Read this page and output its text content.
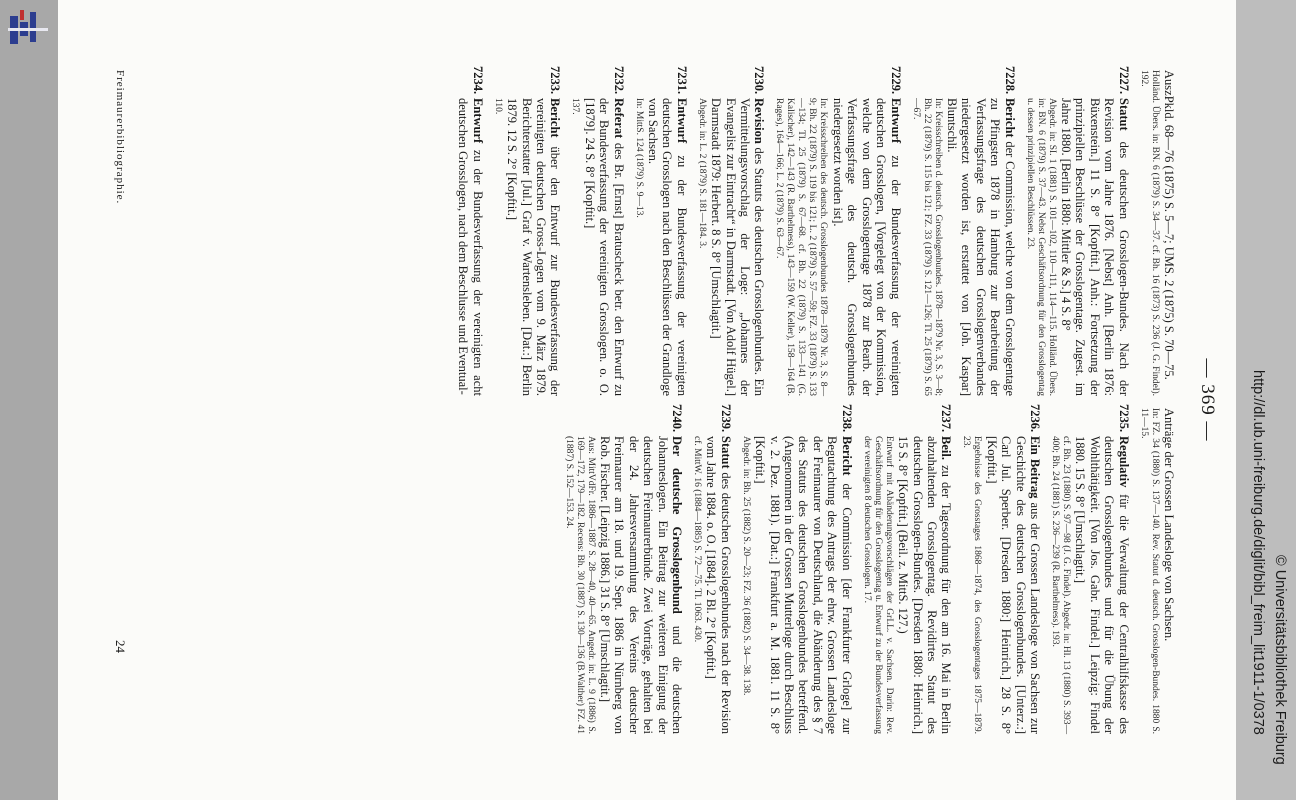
— 369 —
AuszPkld. 68—76 (1875) S. 5—7; UMS. 2 (1875) S. 70—75.
Holländ. Übers. in: BN. 6 (1879) S. 34—37. cf. Bh. 16 (1873) S. 236 (J. G. Findel). 192.
7227.
Statut des deutschen Grosslogen-Bundes. Nach der Revision vom Jahre 1876. [Nebst] Anh. [Berlin 1876: Büxenstein.] 11 S. 8° [Kopftit.] Anh.: Fortsetzung der prinzipiellen Beschlüsse der Grosslogentage. Zugest. im Jahre 1880. [Berlin 1880: Mittler & S.] 4 S. 8°
Abgedr. in: SI. 1 (1881) S. 101—102, 110—111, 114—115. Holländ. Übers. in: BN. 6 (1879) S. 37—43. Nebst Geschäftsordnung für den Grosslogentag u. dessen prinzipiellen Beschlüssen. 23.
7228.
Bericht der Commission, welche von dem Grosslogentage zu Pfingsten 1878 in Hamburg zur Bearbeitung der Verfassungsfrage des deutschen Grosslogenverbandes niedergesetzt worden ist, erstattet von [Joh. Kaspar] Bluntschli.
In: Kreisschreiben d. deutsch. Grosslogenbundes. 1878—1879 Nr. 3, S. 3—8; Bh. 22 (1879) S. 115 bis 121; FZ. 33 (1879) S. 121—126; Tl. 25 (1879) S. 65—67.
7229.
Entwurf zu der Bundesverfassung der vereinigten deutschen Grosslogen, [Vorgelegt von der Kommission, welche von dem Grosslogentage 1878 zur Bearb. der Verfassungsfrage des deutsch. Grosslogenbundes niedergesetzt worden ist].
In: Kreisschreiben des deutsch. Grosslogenbundes 1878—1879 Nr. 3, S. 8—9; Bh. 22 (1879) S. 119 bis 121; L. 2 (1879) S. 57—59; FZ. 33 (1879) S. 133—134; Tl. 25 (1879) S. 67—68. cf. Bh. 22 (1879) S. 133—141 (G. Kalischer), 142—143 (R. Barthelmess), 143—159 (W. Keller), 158—164 (B. Rages), 164—166; L. 2 (1879) S. 63—67.
7230.
Revision des Statuts des deutschen Grosslogenbundes. Ein Vermittelungsvorschlag der Loge: „Johannes der Evangelist zur Eintracht“ in Darmstadt. [Von Adolf Hügel.] Darmstadt 1879: Herbert. 8 S. 8° [Umschlagtit.]
Abgedr. in: L. 2 (1879) S. 181—184. 3.
7231.
Entwurf zu der Bundesverfassung der vereinigten deutschen Grosslogen nach den Beschlüssen der Grandloge von Sachsen.
In: MittS. 124 (1879) S. 9—13.
7232.
Referat des Br. [Ernst] Bratuscheck betr. den Entwurf zu der Bundesverfassung der vereinigten Grosslogen. o. O. [1879]. 24 S. 8° [Kopftit.]
137.
7233.
Bericht über den Entwurf zur Bundesverfassung der vereinigten deutschen Gross-Logen vom 9. März 1879. Berichterstatter [Jul.] Graf v. Wartensleben. [Dat.:] Berlin 1879. 12 S. 2° [Kopftit.]
110.
7234.
Entwurf zu der Bundesverfassung der vereinigten acht deutschen Grosslogen, nach dem Beschlusse und Eventual-
Anträge der Grossen Landesloge von Sachsen.
In: FZ. 34 (1880) S. 137—140. Rev. Statut d. deutsch. Grosslogen-Bundes. 1880 S. 11—15.
7235.
Regulativ für die Verwaltung der Centralhilfskasse des deutschen Grosslogenbundes und für die Übung der Wohlthätigkeit. [Von Jos. Gabr. Findel.] Leipzig: Findel 1880. 15 S. 8° [Umschlagtit.]
cf. Bh. 23 (1880) S. 97—98 (J. G. Findel). Abgedr. in: Hl. 13 (1880) S. 393—400; Bh. 24 (1881) S. 236—239 (R. Barthelmess). 193.
7236.
Ein Beitrag aus der Grossen Landesloge von Sachsen zur Geschichte des deutschen Grosslogenbundes. [Unterz.:] Carl Jul. Sperber. [Dresden 1880:] Heinrich.] 28 S. 8° [Kopftit.]
Ergebnisse des Grosstages 1868—1874, des Grosslogentages 1875—1879. 23.
7237.
Beil. zu der Tagesordnung für den am 16. Mai in Berlin abzuhaltenden Grosslogentag. Revidirtes Statut des deutschen Grosslogen-Bundes. [Dresden 1880: Heinrich.] 15 S. 8° [Kopftit.] (Beil. z. MittS. 127.)
Entwurf mit Abänderungsvorschlägen der GrLL. v. Sachsen. Darin: Rev. Geschäftsordnung für den Grosslogentag u. Entwurf zu der Bundesverfassung der vereinigten 8 deutschen Grosslogen. 17.
7238.
Bericht der Commission [der Frankfurter Grloge] zur Begutachtung des Antrags der ehrw. Grossen Landesloge der Freimaurer von Deutschland, die Abänderung des § 7 des Statuts des deutschen Grosslogenbundes betreffend. (Angenommen in der Grossen Mutterloge durch Beschluss v. 2. Dez. 1881). [Dat.:] Frankfurt a. M. 1881. 11 S. 8° [Kopftit.]
Abgedr. in: Bh. 25 (1882) S. 20—23; FZ. 36 (1882) S. 34—38. 138.
7239.
Statut des deutschen Grosslogenbundes nach der Revision vom Jahre 1884. o. O. [1884]. 2 Bl. 2° [Kopftit.]
cf. MittW. 16 (1884—1885) S. 72—75. Tl. 1063. 430.
7240.
Der deutsche Grosslogenbund und die deutschen Johanneslogen. Ein Beitrag zur weiteren Einigung der deutschen Freimaurerbünde. Zwei Vorträge, gehalten bei der 24. Jahresversammlung des Vereins deutscher Freimaurer am 18. und 19. Sept. 1886 in Nürnberg von Rob. Fischer. [Leipzig 1886.] 31 S. 8° [Umschlagtit.]
Aus: MittVdFr. 1886—1887 S. 28—40, 40—65. Angedr. in: L. 9 (1886) S. 169—172, 179—182. Recens: Bh. 30 (1887) S. 130—136 (B.Walther) FZ. 41 (1887) S. 152—153. 24.
Freimaurerbibliographie.
24	http://dl.ub.uni-freiburg.de/diglit/bibl_freim_lit1911-1/0378 © Universitätsbibliothek Freiburg
